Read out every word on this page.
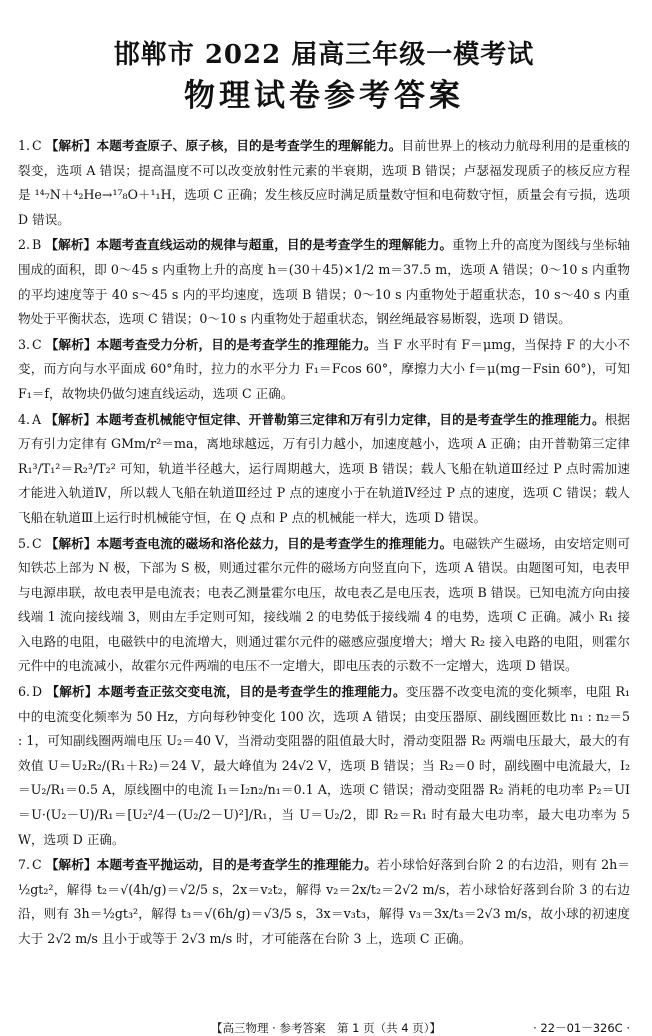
邯郸市 2022 届高三年级一模考试
物理试卷参考答案
1. C 【解析】本题考查原子、原子核，目的是考查学生的理解能力。目前世界上的核动力航母利用的是重核的裂变，选项 A 错误；提高温度不可以改变放射性元素的半衰期，选项 B 错误；卢瑟福发现质子的核反应方程是 ¹⁴₇N＋⁴₂He→¹⁷₈O＋¹₁H，选项 C 正确；发生核反应时满足质量数守恒和电荷数守恒，质量会有亏损，选项 D 错误。
2. B 【解析】本题考查直线运动的规律与超重，目的是考查学生的理解能力。重物上升的高度为图线与坐标轴围成的面积，即 0～45 s 内重物上升的高度 h＝(30＋45)×1/2 m＝37.5 m，选项 A 错误；0～10 s 内重物的平均速度等于 40 s～45 s 内的平均速度，选项 B 错误；0～10 s 内重物处于超重状态，10 s～40 s 内重物处于平衡状态，选项 C 错误；0～10 s 内重物处于超重状态，钢丝绳最容易断裂，选项 D 错误。
3. C 【解析】本题考查受力分析，目的是考查学生的推理能力。当 F 水平时有 F＝μmg，当保持 F 的大小不变，而方向与水平面成 60°角时，拉力的水平分力 F₁＝Fcos 60°，摩擦力大小 f＝μ(mg－Fsin 60°)，可知 F₁＝f，故物块仍做匀速直线运动，选项 C 正确。
4. A 【解析】本题考查机械能守恒定律、开普勒第三定律和万有引力定律，目的是考查学生的推理能力。根据万有引力定律有 GMm/r²＝ma，离地球越远，万有引力越小，加速度越小，选项 A 正确；由开普勒第三定律 R₁³/T₁²＝R₂³/T₂² 可知，轨道半径越大，运行周期越大，选项 B 错误；载人飞船在轨道Ⅲ经过 P 点时需加速才能进入轨道Ⅳ，所以载人飞船在轨道Ⅲ经过 P 点的速度小于在轨道Ⅳ经过 P 点的速度，选项 C 错误；载人飞船在轨道Ⅲ上运行时机械能守恒，在 Q 点和 P 点的机械能一样大，选项 D 错误。
5. C 【解析】本题考查电流的磁场和洛伦兹力，目的是考查学生的推理能力。电磁铁产生磁场，由安培定则可知铁芯上部为 N 极，下部为 S 极，则通过霍尔元件的磁场方向竖直向下，选项 A 错误。由题图可知，电表甲与电源串联，故电表甲是电流表；电表乙测量霍尔电压，故电表乙是电压表，选项 B 错误。已知电流方向由接线端 1 流向接线端 3，则由左手定则可知，接线端 2 的电势低于接线端 4 的电势，选项 C 正确。减小 R₁ 接入电路的电阻，电磁铁中的电流增大，则通过霍尔元件的磁感应强度增大；增大 R₂ 接入电路的电阻，则霍尔元件中的电流减小，故霍尔元件两端的电压不一定增大，即电压表的示数不一定增大，选项 D 错误。
6. D 【解析】本题考查正弦交变电流，目的是考查学生的推理能力。变压器不改变电流的变化频率，电阻 R₁ 中的电流变化频率为 50 Hz，方向每秒钟变化 100 次，选项 A 错误；由变压器原、副线圈匝数比 n₁ : n₂＝5 : 1，可知副线圈两端电压 U₂＝40 V，当滑动变阻器的阻值最大时，滑动变阻器 R₂ 两端电压最大，最大的有效值 U＝U₂R₂/(R₁＋R₂)＝24 V，最大峰值为 24√2 V，选项 B 错误；当 R₂＝0 时，副线圈中电流最大，I₂＝U₂/R₁＝0.5 A，原线圈中的电流 I₁＝I₂n₂/n₁＝0.1 A，选项 C 错误；滑动变阻器 R₂ 消耗的电功率 P₂＝UI＝U·(U₂－U)/R₁＝[U₂²/4－(U₂/2－U)²]/R₁，当 U＝U₂/2，即 R₂＝R₁ 时有最大电功率，最大电功率为 5 W，选项 D 正确。
7. C 【解析】本题考查平抛运动，目的是考查学生的推理能力。若小球恰好落到台阶 2 的右边沿，则有 2h＝½gt₂²，解得 t₂＝√(4h/g)＝√2/5 s，2x＝v₂t₂，解得 v₂＝2x/t₂＝2√2 m/s，若小球恰好落到台阶 3 的右边沿，则有 3h＝½gt₃²，解得 t₃＝√(6h/g)＝√3/5 s，3x＝v₃t₃，解得 v₃＝3x/t₃＝2√3 m/s，故小球的初速度大于 2√2 m/s 且小于或等于 2√3 m/s 时，才可能落在台阶 3 上，选项 C 正确。
【高三物理 · 参考答案　第 1 页（共 4 页）】	· 22－01－326C ·
